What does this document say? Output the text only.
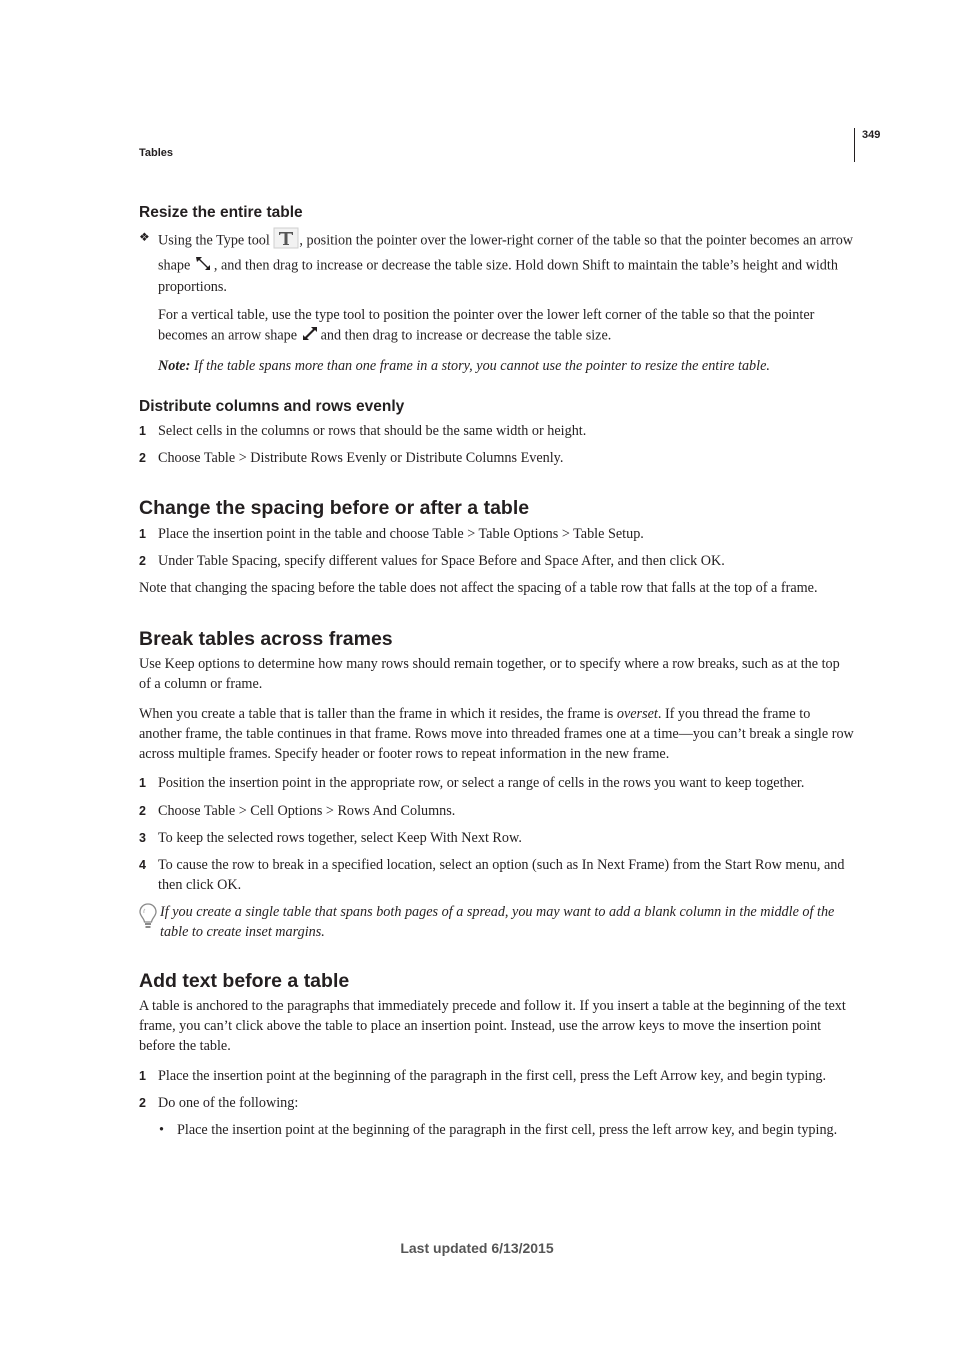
349
Tables
Resize the entire table
❖ Using the Type tool , position the pointer over the lower-right corner of the table so that the pointer becomes an arrow shape , and then drag to increase or decrease the table size. Hold down Shift to maintain the table’s height and width proportions.

For a vertical table, use the type tool to position the pointer over the lower left corner of the table so that the pointer becomes an arrow shape and then drag to increase or decrease the table size.

Note: If the table spans more than one frame in a story, you cannot use the pointer to resize the entire table.

Distribute columns and rows evenly
1 Select cells in the columns or rows that should be the same width or height.
2 Choose Table > Distribute Rows Evenly or Distribute Columns Evenly.
Change the spacing before or after a table
1 Place the insertion point in the table and choose Table > Table Options > Table Setup.
2 Under Table Spacing, specify different values for Space Before and Space After, and then click OK.

Note that changing the spacing before the table does not affect the spacing of a table row that falls at the top of a frame.

Break tables across frames

Use Keep options to determine how many rows should remain together, or to specify where a row breaks, such as at the top of a column or frame.

When you create a table that is taller than the frame in which it resides, the frame is overset. If you thread the frame to another frame, the table continues in that frame. Rows move into threaded frames one at a time—you can’t break a single row across multiple frames. Specify header or footer rows to repeat information in the new frame.

1 Position the insertion point in the appropriate row, or select a range of cells in the rows you want to keep together.
2 Choose Table > Cell Options > Rows And Columns.
3 To keep the selected rows together, select Keep With Next Row.
4 To cause the row to break in a specified location, select an option (such as In Next Frame) from the Start Row menu, and then click OK.
If you create a single table that spans both pages of a spread, you may want to add a blank column in the middle of the table to create inset margins.
Add text before a table

A table is anchored to the paragraphs that immediately precede and follow it. If you insert a table at the beginning of the text frame, you can’t click above the table to place an insertion point. Instead, use the arrow keys to move the insertion point before the table.

1 Place the insertion point at the beginning of the paragraph in the first cell, press the Left Arrow key, and begin typing.
2 Do one of the following:
• Place the insertion point at the beginning of the paragraph in the first cell, press the left arrow key, and begin typing.
Last updated 6/13/2015
